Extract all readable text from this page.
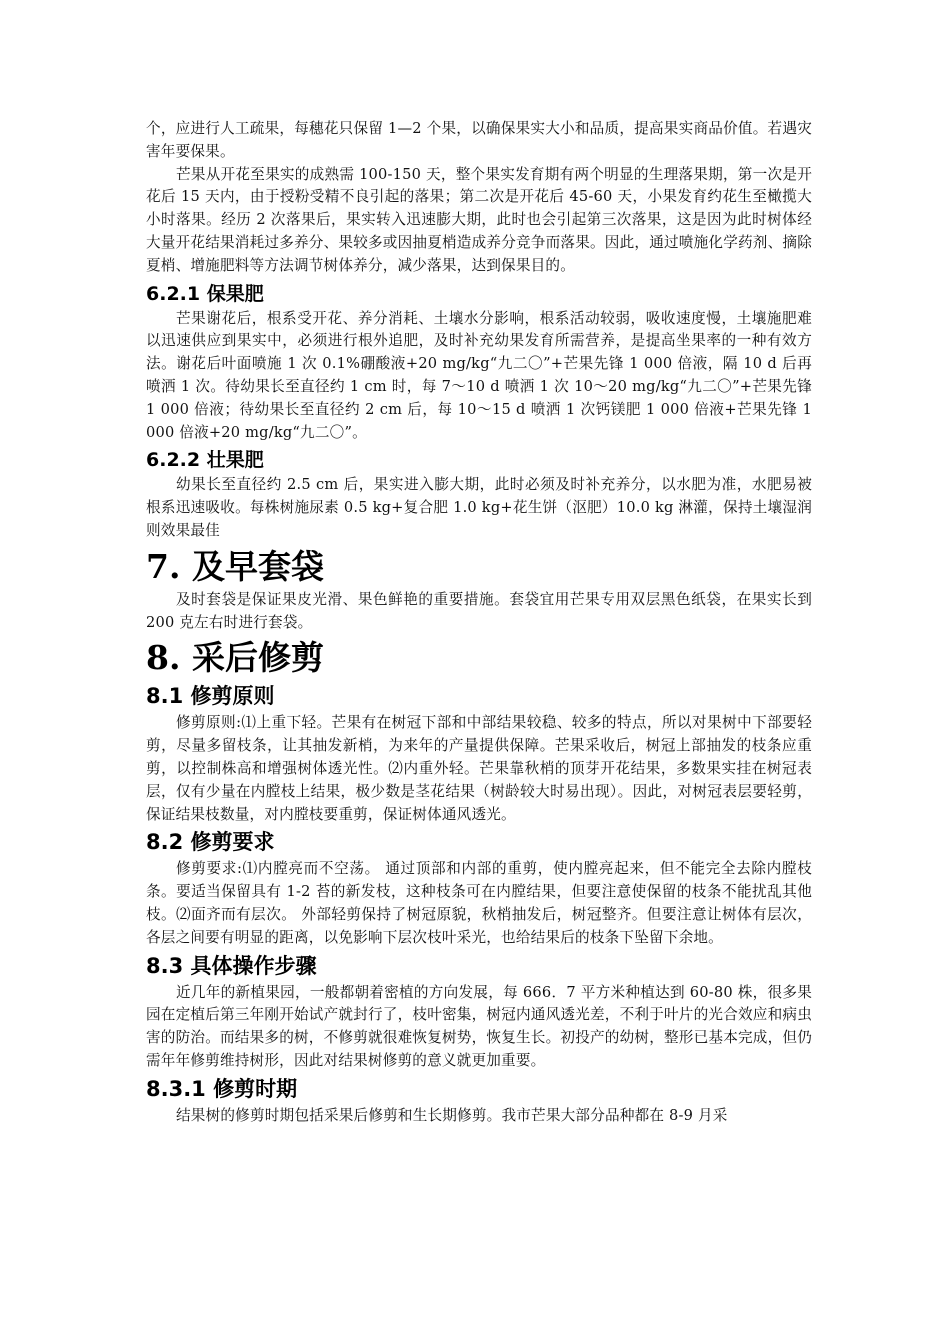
个，应进行人工疏果，每穗花只保留 1—2 个果，以确保果实大小和品质，提高果实商品价值。若遇灾害年要保果。

芒果从开花至果实的成熟需 100-150 天，整个果实发育期有两个明显的生理落果期，第一次是开花后 15 天内，由于授粉受精不良引起的落果；第二次是开花后 45-60 天，小果发育约花生至橄揽大小时落果。经历 2 次落果后，果实转入迅速膨大期，此时也会引起第三次落果，这是因为此时树体经大量开花结果消耗过多养分、果较多或因抽夏梢造成养分竞争而落果。因此，通过喷施化学药剂、摘除夏梢、增施肥料等方法调节树体养分，减少落果，达到保果目的。

6.2.1 保果肥

芒果谢花后，根系受开花、养分消耗、土壤水分影响，根系活动较弱，吸收速度慢，土壤施肥难以迅速供应到果实中，必须进行根外追肥，及时补充幼果发育所需营养，是提高坐果率的一种有效方法。谢花后叶面喷施 1 次 0.1%硼酸液+20 mg/kg“九二〇”+芒果先锋 1 000 倍液，隔 10 d 后再喷洒 1 次。待幼果长至直径约 1 cm 时，每 7～10 d 喷洒 1 次 10～20 mg/kg“九二〇”+芒果先锋 1 000 倍液；待幼果长至直径约 2 cm 后，每 10～15 d 喷洒 1 次钙镁肥 1 000 倍液+芒果先锋 1 000 倍液+20 mg/kg“九二〇”。

6.2.2 壮果肥

幼果长至直径约 2.5 cm 后，果实进入膨大期，此时必须及时补充养分，以水肥为准，水肥易被根系迅速吸收。每株树施尿素 0.5 kg+复合肥 1.0 kg+花生饼（沤肥）10.0 kg 淋灌，保持土壤湿润则效果最佳

7. 及早套袋

及时套袋是保证果皮光滑、果色鲜艳的重要措施。套袋宜用芒果专用双层黑色纸袋，在果实长到 200 克左右时进行套袋。

8. 采后修剪
8.1 修剪原则

修剪原则:⑴上重下轻。芒果有在树冠下部和中部结果较稳、较多的特点，所以对果树中下部要轻剪，尽量多留枝条，让其抽发新梢，为来年的产量提供保障。芒果采收后，树冠上部抽发的枝条应重剪，以控制株高和增强树体透光性。⑵内重外轻。芒果靠秋梢的顶芽开花结果，多数果实挂在树冠表层，仅有少量在内膛枝上结果，极少数是茎花结果（树龄较大时易出现）。因此，对树冠表层要轻剪，保证结果枝数量，对内膛枝要重剪，保证树体通风透光。

8.2 修剪要求

修剪要求:⑴内膛亮而不空荡。 通过顶部和内部的重剪，使内膛亮起来，但不能完全去除内膛枝条。要适当保留具有 1-2 苔的新发枝，这种枝条可在内膛结果，但要注意使保留的枝条不能扰乱其他枝。⑵面齐而有层次。 外部轻剪保持了树冠原貌，秋梢抽发后，树冠整齐。但要注意让树体有层次，各层之间要有明显的距离，以免影响下层次枝叶采光，也给结果后的枝条下坠留下余地。

8.3 具体操作步骤

近几年的新植果园，一般都朝着密植的方向发展，每 666．7 平方米种植达到 60-80 株，很多果园在定植后第三年刚开始试产就封行了，枝叶密集，树冠内通风透光差，不利于叶片的光合效应和病虫害的防治。而结果多的树，不修剪就很难恢复树势，恢复生长。初投产的幼树，整形已基本完成，但仍需年年修剪维持树形，因此对结果树修剪的意义就更加重要。

8.3.1 修剪时期

结果树的修剪时期包括采果后修剪和生长期修剪。我市芒果大部分品种都在 8-9 月采
